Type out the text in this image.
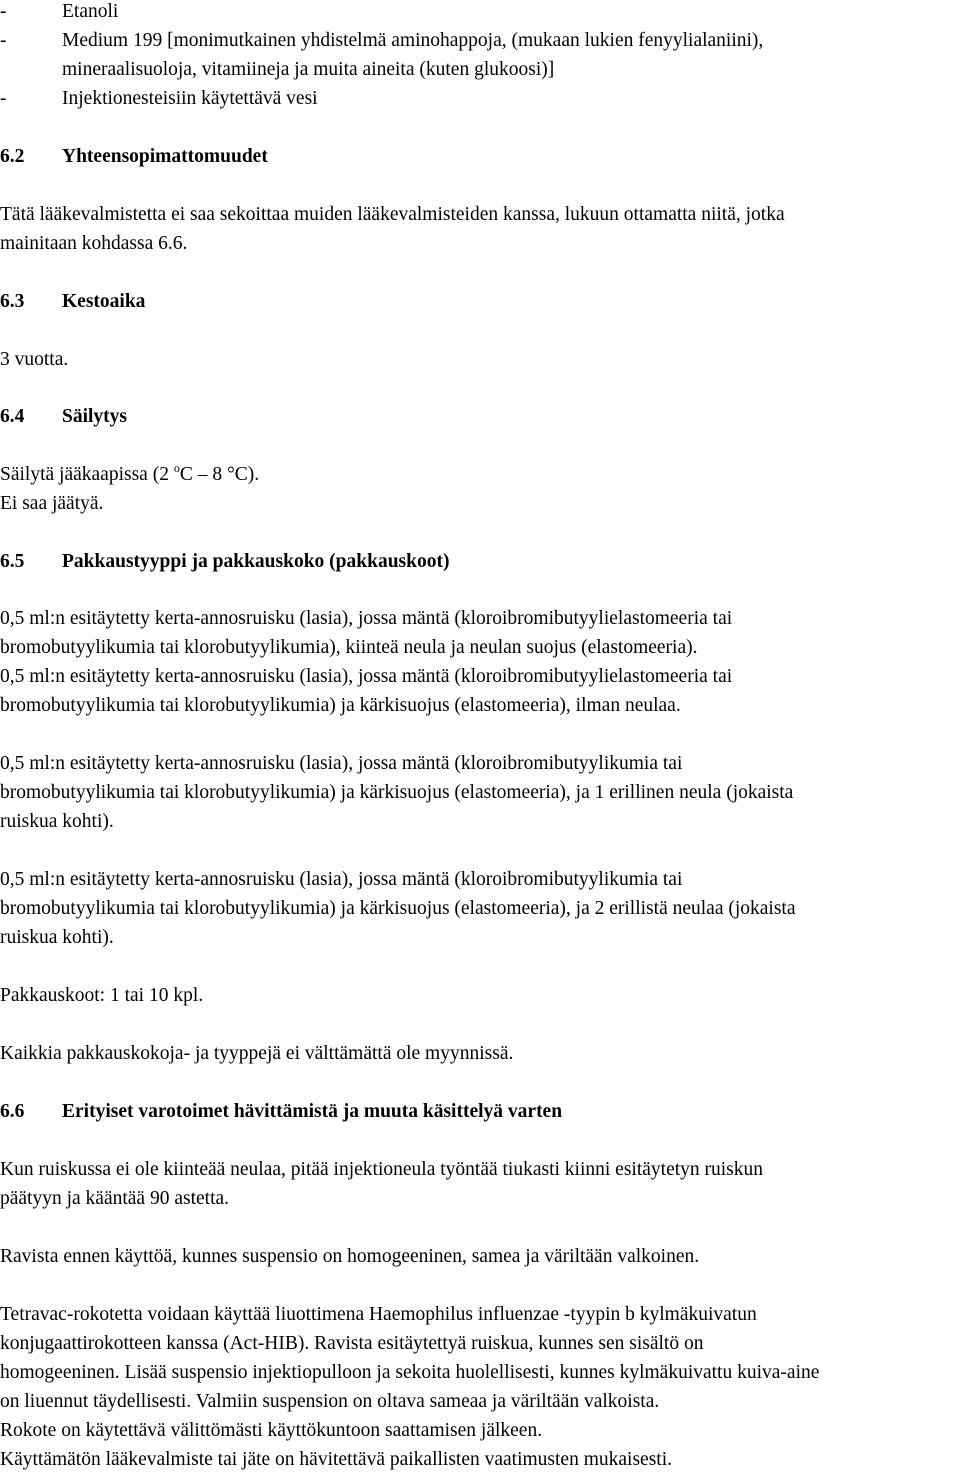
-	Etanoli
-	Medium 199 [monimutkainen yhdistelmä aminohappoja, (mukaan lukien fenyylialaniini),
mineraalisuoloja, vitamiineja ja muita aineita (kuten glukoosi)]
-	Injektionesteisiin käytettävä vesi
6.2 Yhteensopimattomuudet
Tätä lääkevalmistetta ei saa sekoittaa muiden lääkevalmisteiden kanssa, lukuun ottamatta niitä, jotka
mainitaan kohdassa 6.6.
6.3 Kestoaika
3 vuotta.
6.4 Säilytys
Säilytä jääkaapissa (2 $^o$C – 8 °C).
Ei saa jäätyä.
6.5 Pakkaustyyppi ja pakkauskoko (pakkauskoot)
0,5 ml:n esitäytetty kerta-annosruisku (lasia), jossa mäntä (kloroibromibutyylielastomeeria tai
bromobutyylikumia tai klorobutyylikumia), kiinteä neula ja neulan suojus (elastomeeria).
0,5 ml:n esitäytetty kerta-annosruisku (lasia), jossa mäntä (kloroibromibutyylielastomeeria tai
bromobutyylikumia tai klorobutyylikumia) ja kärkisuojus (elastomeeria), ilman neulaa.
0,5 ml:n esitäytetty kerta-annosruisku (lasia), jossa mäntä (kloroibromibutyylikumia tai
bromobutyylikumia tai klorobutyylikumia) ja kärkisuojus (elastomeeria), ja 1 erillinen neula (jokaista
ruiskua kohti).
0,5 ml:n esitäytetty kerta-annosruisku (lasia), jossa mäntä (kloroibromibutyylikumia tai
bromobutyylikumia tai klorobutyylikumia) ja kärkisuojus (elastomeeria), ja 2 erillistä neulaa (jokaista
ruiskua kohti).
Pakkauskoot: 1 tai 10 kpl.
Kaikkia pakkauskokoja- ja tyyppejä ei välttämättä ole myynnissä.
6.6 Erityiset varotoimet hävittämistä ja muuta käsittelyä varten
Kun ruiskussa ei ole kiinteää neulaa, pitää injektioneula työntää tiukasti kiinni esitäytetyn ruiskun
päätyyn ja kääntää 90 astetta.
Ravista ennen käyttöä, kunnes suspensio on homogeeninen, samea ja väriltään valkoinen.
Tetravac-rokotetta voidaan käyttää liuottimena Haemophilus influenzae -tyypin b kylmäkuivatun
konjugaattirokotteen kanssa (Act-HIB). Ravista esitäytettyä ruiskua, kunnes sen sisältö on
homogeeninen. Lisää suspensio injektiopulloon ja sekoita huolellisesti, kunnes kylmäkuivattu kuiva-aine
on liuennut täydellisesti. Valmiin suspension on oltava sameaa ja väriltään valkoista.
Rokote on käytettävä välittömästi käyttökuntoon saattamisen jälkeen.
Käyttämätön lääkevalmiste tai jäte on hävitettävä paikallisten vaatimusten mukaisesti.
